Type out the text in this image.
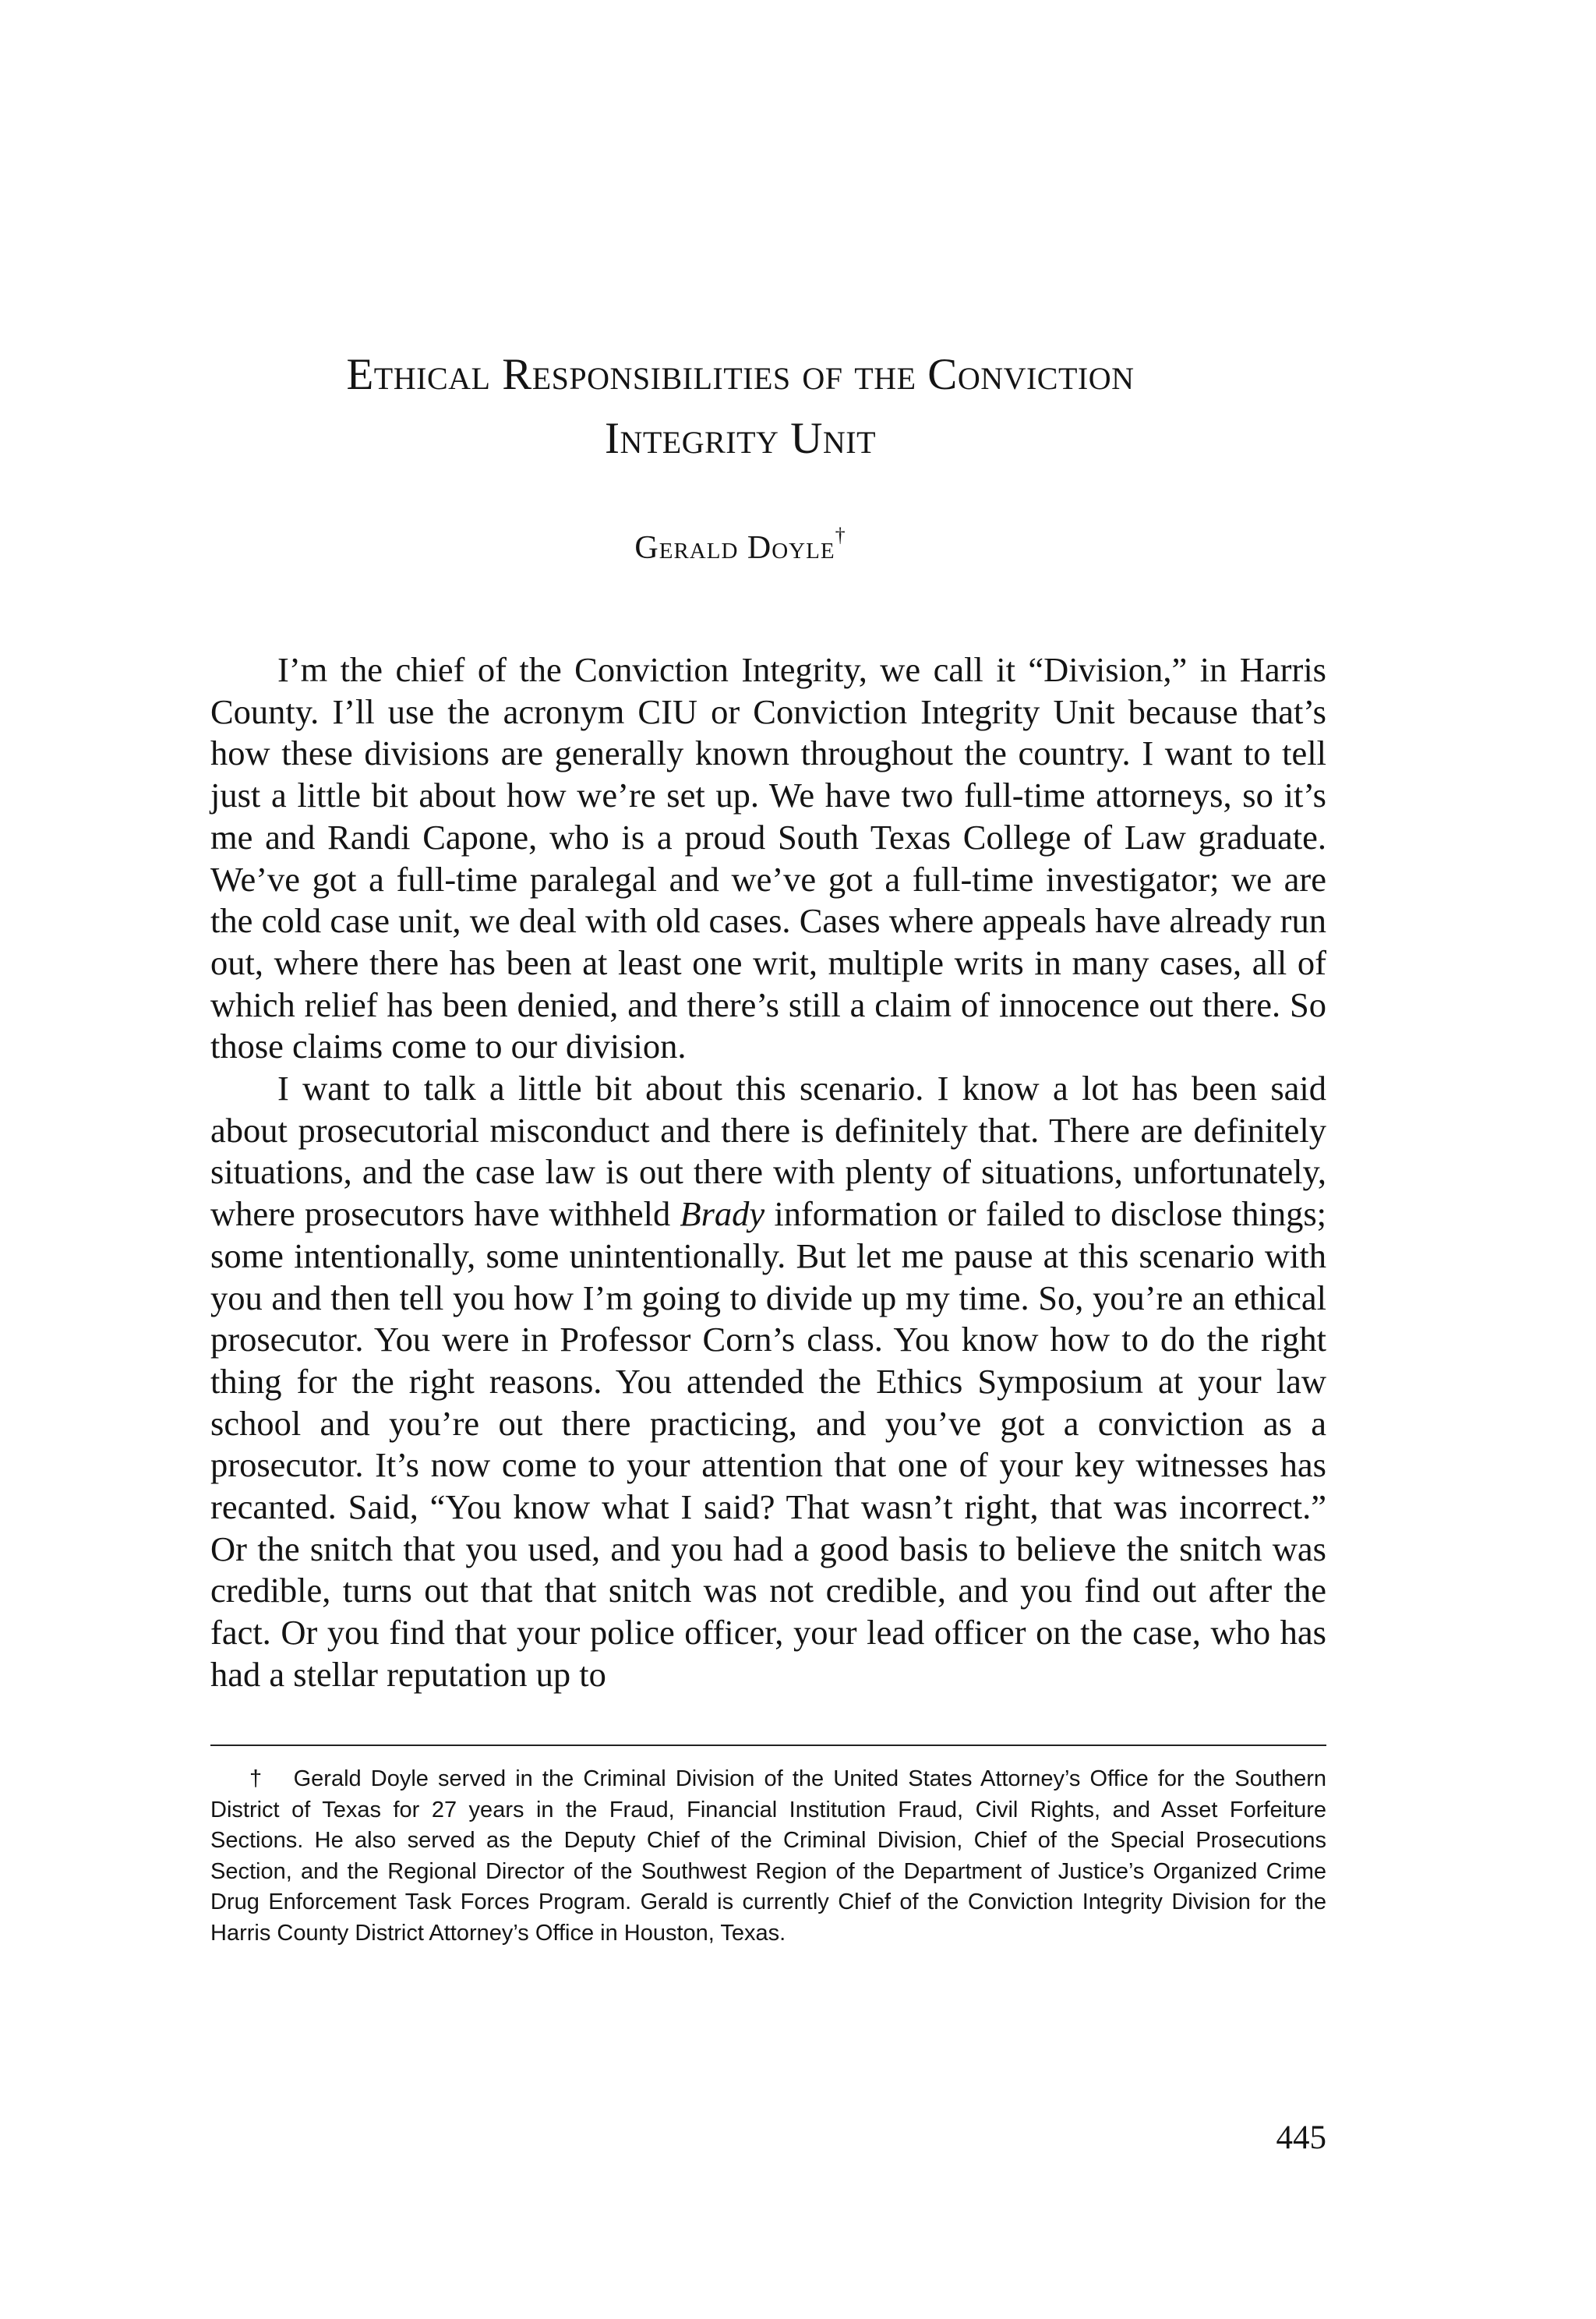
Ethical Responsibilities of the Conviction
Integrity Unit
Gerald Doyle†

I’m the chief of the Conviction Integrity, we call it “Division,” in Harris County. I’ll use the acronym CIU or Conviction Integrity Unit because that’s how these divisions are generally known throughout the country. I want to tell just a little bit about how we’re set up. We have two full-time attorneys, so it’s me and Randi Capone, who is a proud South Texas College of Law graduate. We’ve got a full-time paralegal and we’ve got a full-time investigator; we are the cold case unit, we deal with old cases. Cases where appeals have already run out, where there has been at least one writ, multiple writs in many cases, all of which relief has been denied, and there’s still a claim of innocence out there. So those claims come to our division.

I want to talk a little bit about this scenario. I know a lot has been said about prosecutorial misconduct and there is definitely that. There are definitely situations, and the case law is out there with plenty of situations, unfortunately, where prosecutors have withheld Brady information or failed to disclose things; some intentionally, some unintentionally. But let me pause at this scenario with you and then tell you how I’m going to divide up my time. So, you’re an ethical prosecutor. You were in Professor Corn’s class. You know how to do the right thing for the right reasons. You attended the Ethics Symposium at your law school and you’re out there practicing, and you’ve got a conviction as a prosecutor. It’s now come to your attention that one of your key witnesses has recanted. Said, “You know what I said? That wasn’t right, that was incorrect.” Or the snitch that you used, and you had a good basis to believe the snitch was credible, turns out that that snitch was not credible, and you find out after the fact. Or you find that your police officer, your lead officer on the case, who has had a stellar reputation up to

† Gerald Doyle served in the Criminal Division of the United States Attorney’s Office for the Southern District of Texas for 27 years in the Fraud, Financial Institution Fraud, Civil Rights, and Asset Forfeiture Sections. He also served as the Deputy Chief of the Criminal Division, Chief of the Special Prosecutions Section, and the Regional Director of the Southwest Region of the Department of Justice’s Organized Crime Drug Enforcement Task Forces Program. Gerald is currently Chief of the Conviction Integrity Division for the Harris County District Attorney’s Office in Houston, Texas.

445
